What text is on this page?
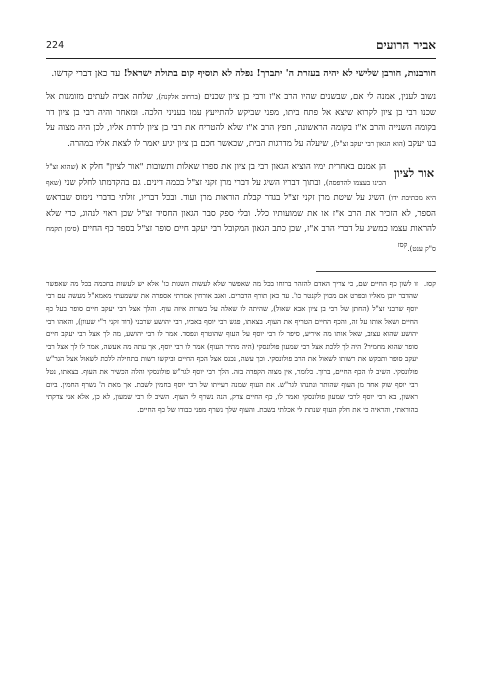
אביר הרועים
224

חורבנות, חורבן שלישי לא יהיה בעזרת ה' יתברך! נפלה לא תוסיף קום בתולת ישראל! עד כאן דברי קדשו.

נשוב לענין, אמנה לי אם, שבשנים שהיו הרב א"ז ורבי בן ציון שכנים (ברחוב אלקנה), שלחה אביה לעתים מזומנות אל שכנו רבי בן ציון לקרוא שיצא אל פתח ביתו, מפני שביקש להתייעץ עמו בעניני הלכה. ומאחר והיה רבי בן ציון דר בקומה השנייה והרב א"ז בקומה הראשונה, חפץ הרב א"ז שלא להטריח את רבי בן ציון לרדת אליו, לכן היה מצוה על בנו יעקב (הוא הגאון רבי יעקב זצ"ל), שיעלה על מדרגות הבית, שכאשר חכם בן ציון יגיע יאמר לו לצאת אליו במהרה.

אור לציון

הן אמנם באחרית ימיו הוציא הגאון רבי בן ציון את ספרו שאלות ותשובות "אור לציון" חלק א (שהוא זצ"ל הכינו בעצמו להדפסה), ובתוך דבריו השיג על דברי מרן זקני זצ"ל בכמה דינים. גם בהקדמתו לחלק שני (שאף היא מכתיבת ידו) השיג על שיטת מרן זקני זצ"ל בגדר קבלת הוראות מרן ועוד. ובכל דבריו, זולתי בדברי נימוס שבראש הספר, לא הזכיר את הרב א"ז או את שמועותיו כלל. ובלי ספק סבר הגאון החסיד זצ"ל שכן ראוי לנהוג, כדי שלא להראות עצמו כמשיג על דברי הרב א"ז, שכן כתב הגאון המקובל רבי יעקב חיים סופר זצ"ל בספר כף החיים (סימן תקמח ס"ק ענט).$^{קסז}$

קסז.

זו לשון כף החיים שם, כי צריך האדם להזהר ברוחו בכל מה שאפשר שלא לעשות השגות כו' אלא יש לעשות בחכמה בכל מה שאפשר שהדבר יובן מאליו ובפרט אם מכוין לקנטר כו'. עד כאן תורף הדברים. ואגב אורחין אמרתי אספרה את ששמעתי מאמא"ל מעשה עם רבי יוסף שרבני זצ"ל (החתן של רבי בן ציון אבא שאול), שהיתה לו שאלה על כשרות איזה עוף. והלך אצל רבי יעקב חיים סופר בעל כף החיים ושאל אותו על זה, והכף החיים הטריף את העוף. בצאתו, פגש רבי יוסף באביו, רבי יהושע שרבני (דוד זקני ר"י שעוון), והאהו רבי יהושע שהוא עצוב, שאל אותו מה איריע, סיפר לו רבי יוסף על העוף שהוטרף ונפסד. אמר לו רבי יהושע, מה לך אצל רבי יעקב חיים סופר שהוא מחמיר? היה לך ללכת אצל רבי שמעון פולונסקי (היה מתיר העוף) אמר לו רבי יוסף, אך עתה מה אעשה, אמר לו לך אצל רבי יעקב סופר ותבקש את רשותו לשאול את הרב פולונסקי. וכך עשה, נכנס אצל הכף החיים וביקשו רשות בתחילה ללכת לשאול אצל הגר"ש פולונסקי. השיב לו הכף החיים, ברוך. כלומר, אין מצוה הקפדה בזה. הלך רבי יוסף לגר"ש פולונסקי והלה הכשיר את העוף. בצאתו, נטל רבי יוסף שוק אחד מן העוף שהותר ונתנהו לגר"ש. את העוף שמנה רעייתו של רבי יוסף בחמין לשבת. אך מאת ה' נשרף החמין. ביום ראשון, בא רבי יוסף לרבי שמעון פולונסקי ואמר לו, כף החיים צדק, הנה נשרף לי העוף. השיב לו רבי שמעון, לא כן, אלא אני צדקתי בהוראתי, והראיה כי את חלק העוף שנתת לי אכלתי בשבת. והעוף שלך נשרף מפני כבודו של כף החיים.
